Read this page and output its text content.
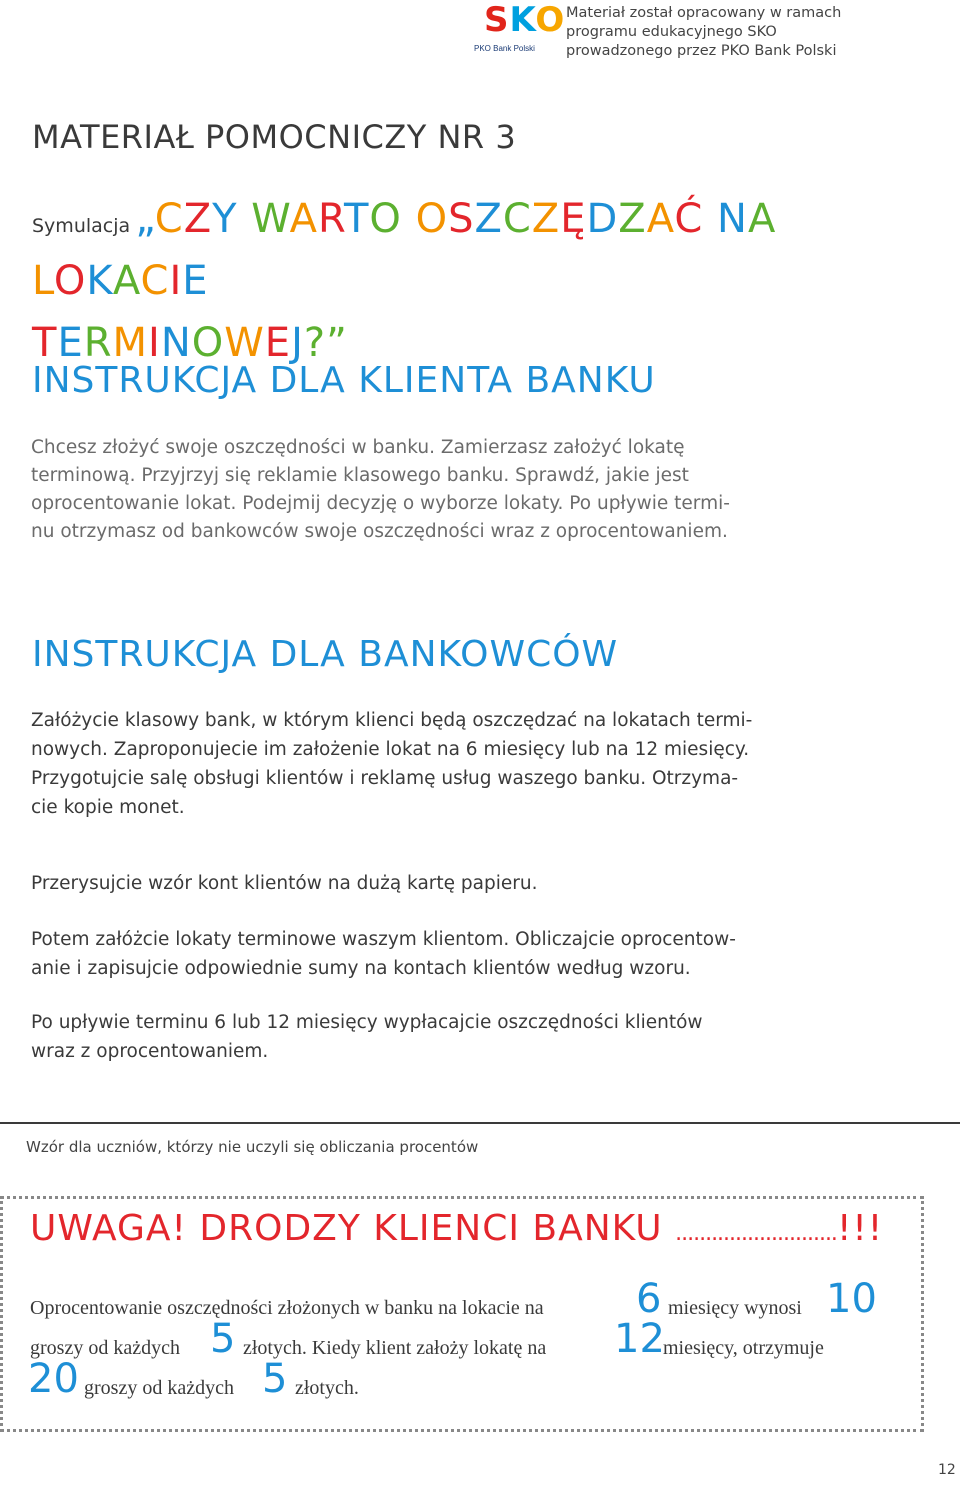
SKO
PKO Bank Polski
Materiał został opracowany w ramach
programu edukacyjnego SKO
prowadzonego przez PKO Bank Polski
MATERIAŁ POMOCNICZY NR 3
Symulacja „CZY WARTO OSZCZĘDZAĆ NA LOKACIE
TERMINOWEJ?”
INSTRUKCJA DLA KLIENTA BANKU
Chcesz złożyć swoje oszczędności w banku. Zamierzasz założyć lokatę
terminową. Przyjrzyj się reklamie klasowego banku. Sprawdź, jakie jest
oprocentowanie lokat. Podejmij decyzję o wyborze lokaty. Po upływie termi-
nu otrzymasz od bankowców swoje oszczędności wraz z oprocentowaniem.
INSTRUKCJA DLA BANKOWCÓW
Załóżycie klasowy bank, w którym klienci będą oszczędzać na lokatach termi-
nowych. Zaproponujecie im założenie lokat na 6 miesięcy lub na 12 miesięcy.
Przygotujcie salę obsługi klientów i reklamę usług waszego banku. Otrzyma-
cie kopie monet.
Przerysujcie wzór kont klientów na dużą kartę papieru.
Potem załóżcie lokaty terminowe waszym klientom. Obliczajcie oprocentow-
anie i zapisujcie odpowiednie sumy na kontach klientów według wzoru.
Po upływie terminu 6 lub 12 miesięcy wypłacajcie oszczędności klientów
wraz z oprocentowaniem.
Wzór dla uczniów, którzy nie uczyli się obliczania procentów
UWAGA! DRODZY KLIENCI BANKU ...........................!!!
Oprocentowanie oszczędności złożonych w banku na lokacie na 6 miesięcy wynosi 10
groszy od każdych 5 złotych. Kiedy klient założy lokatę na 12
miesięcy, otrzymuje
20 groszy od każdych 5 złotych.
12
